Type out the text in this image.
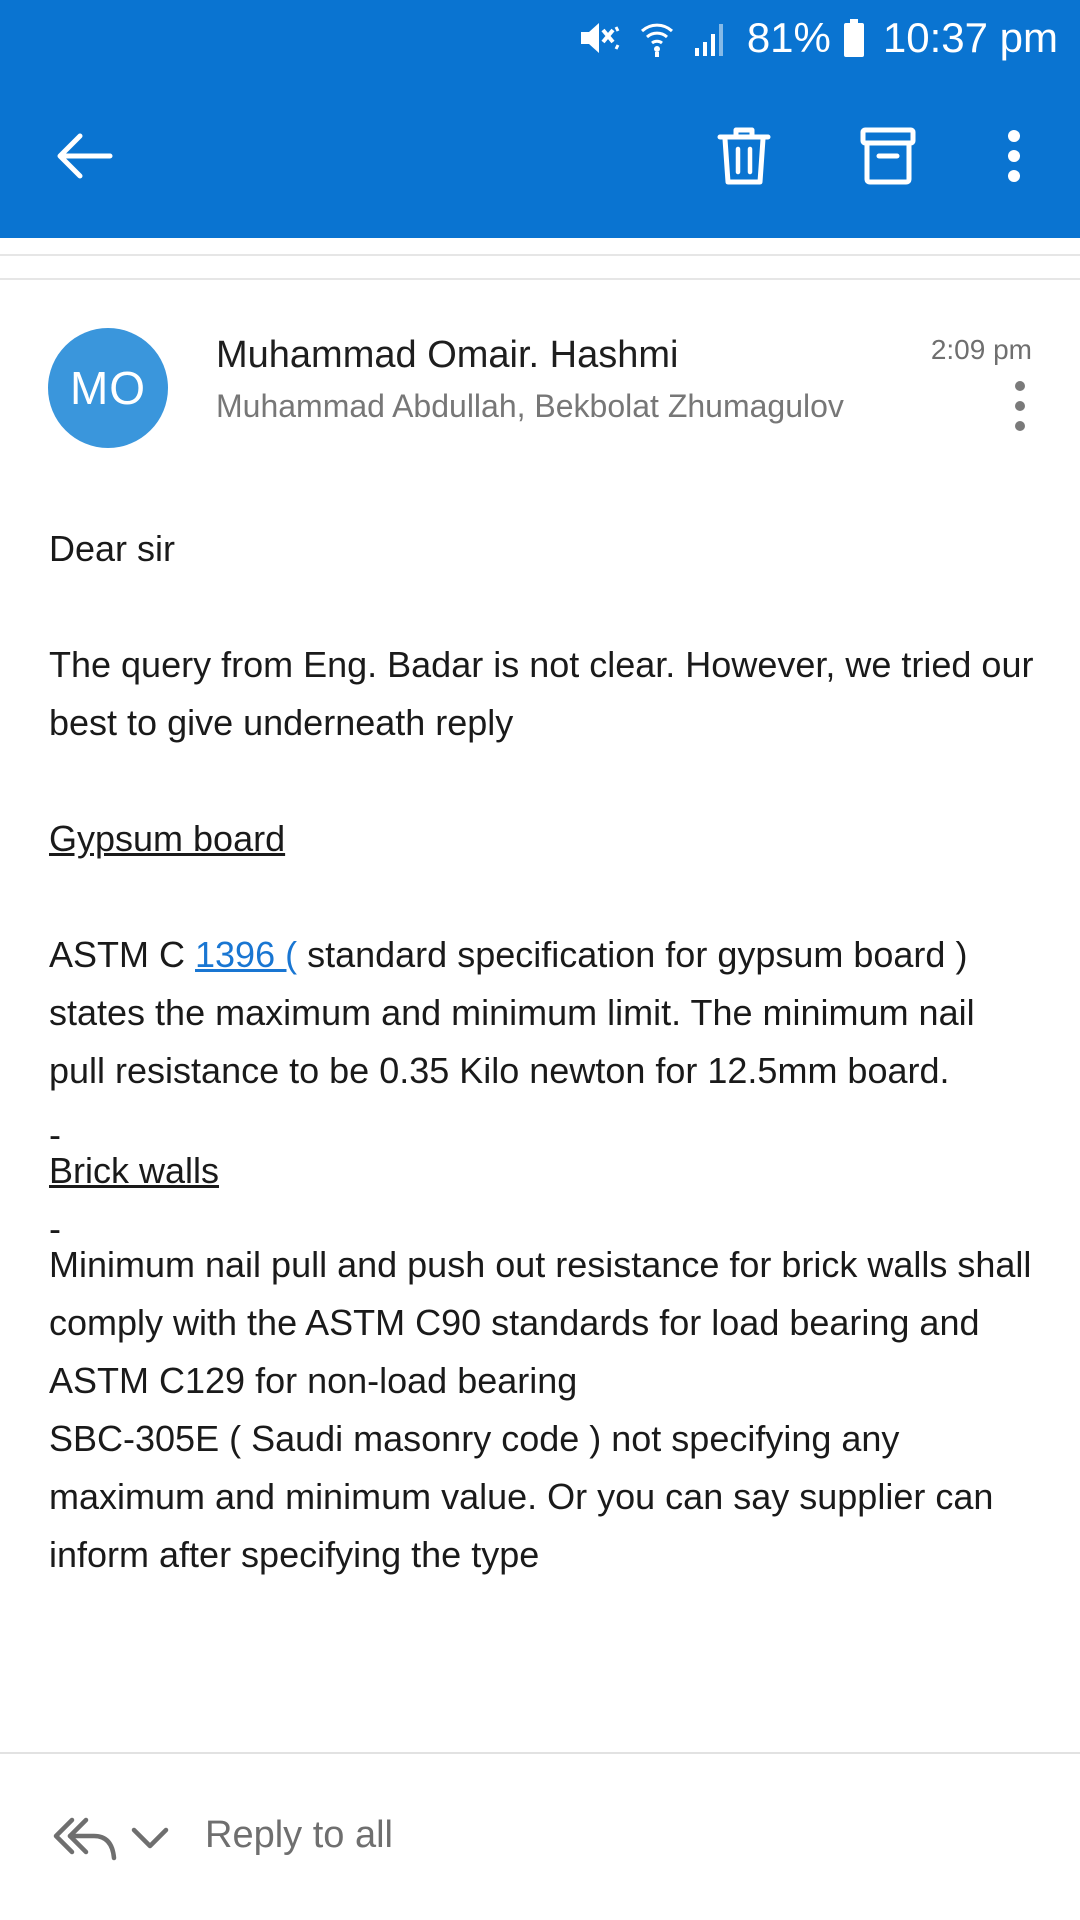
81% 10:37 pm
MO
Muhammad Omair. Hashmi
Muhammad Abdullah, Bekbolat Zhumagulov
2:09 pm

Dear sir

The query from Eng. Badar is not clear. However, we tried our best to give underneath reply

Gypsum board

ASTM C 1396 ( standard specification for gypsum board ) states the maximum and minimum limit. The minimum nail pull resistance to be 0.35 Kilo newton for 12.5mm board.

-

Brick walls

-

Minimum nail pull and push out resistance for brick walls shall comply with the ASTM C90 standards for load bearing and ASTM C129 for non-load bearing

SBC-305E ( Saudi masonry code ) not specifying any maximum and minimum value. Or you can say supplier can inform after specifying the type

Reply to all
